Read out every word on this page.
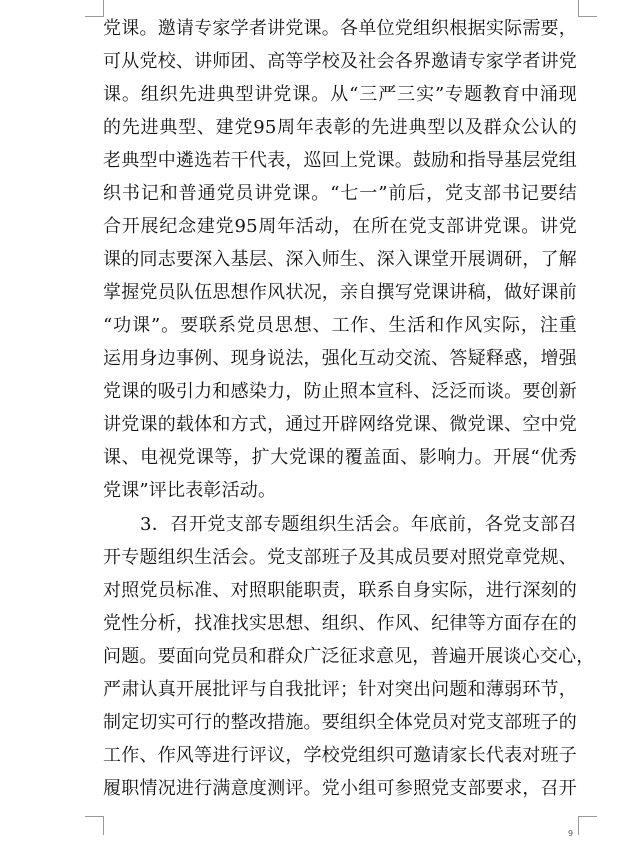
党课。邀请专家学者讲党课。各单位党组织根据实际需要，
可从党校、讲师团、高等学校及社会各界邀请专家学者讲党
课。组织先进典型讲党课。从“三严三实”专题教育中涌现
的先进典型、建党95周年表彰的先进典型以及群众公认的
老典型中遴选若干代表，巡回上党课。鼓励和指导基层党组
织书记和普通党员讲党课。“七一”前后，党支部书记要结
合开展纪念建党95周年活动，在所在党支部讲党课。讲党
课的同志要深入基层、深入师生、深入课堂开展调研，了解
掌握党员队伍思想作风状况，亲自撰写党课讲稿，做好课前
“功课”。要联系党员思想、工作、生活和作风实际，注重
运用身边事例、现身说法，强化互动交流、答疑释惑，增强
党课的吸引力和感染力，防止照本宣科、泛泛而谈。要创新
讲党课的载体和方式，通过开辟网络党课、微党课、空中党
课、电视党课等，扩大党课的覆盖面、影响力。开展“优秀
党课”评比表彰活动。
　　3．召开党支部专题组织生活会。年底前，各党支部召
开专题组织生活会。党支部班子及其成员要对照党章党规、
对照党员标准、对照职能职责，联系自身实际，进行深刻的
党性分析，找准找实思想、组织、作风、纪律等方面存在的
问题。要面向党员和群众广泛征求意见，普遍开展谈心交心，
严肃认真开展批评与自我批评；针对突出问题和薄弱环节，
制定切实可行的整改措施。要组织全体党员对党支部班子的
工作、作风等进行评议，学校党组织可邀请家长代表对班子
履职情况进行满意度测评。党小组可参照党支部要求，召开
9
